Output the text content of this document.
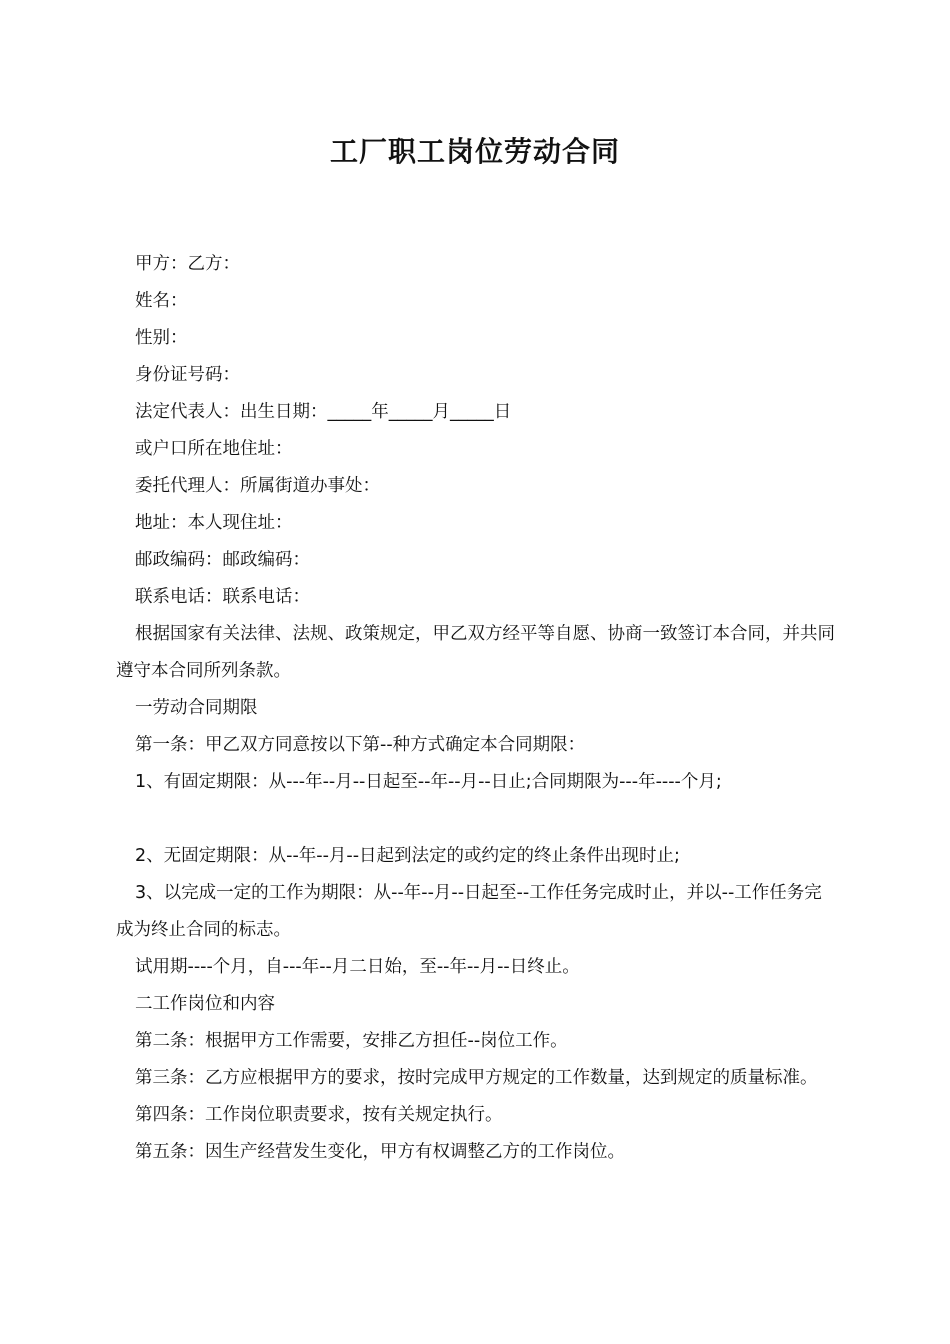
工厂职工岗位劳动合同

甲方：乙方：

姓名：

性别：

身份证号码：

法定代表人：出生日期：_____年_____月_____日

或户口所在地住址：

委托代理人：所属街道办事处：

地址：本人现住址：

邮政编码：邮政编码：

联系电话：联系电话：

根据国家有关法律、法规、政策规定，甲乙双方经平等自愿、协商一致签订本合同，并共同遵守本合同所列条款。

一劳动合同期限

第一条：甲乙双方同意按以下第--种方式确定本合同期限：

1、有固定期限：从---年--月--日起至--年--月--日止;合同期限为---年----个月;

2、无固定期限：从--年--月--日起到法定的或约定的终止条件出现时止;

3、以完成一定的工作为期限：从--年--月--日起至--工作任务完成时止，并以--工作任务完成为终止合同的标志。

试用期----个月，自---年--月二日始，至--年--月--日终止。

二工作岗位和内容

第二条：根据甲方工作需要，安排乙方担任--岗位工作。

第三条：乙方应根据甲方的要求，按时完成甲方规定的工作数量，达到规定的质量标准。

第四条：工作岗位职责要求，按有关规定执行。

第五条：因生产经营发生变化，甲方有权调整乙方的工作岗位。
